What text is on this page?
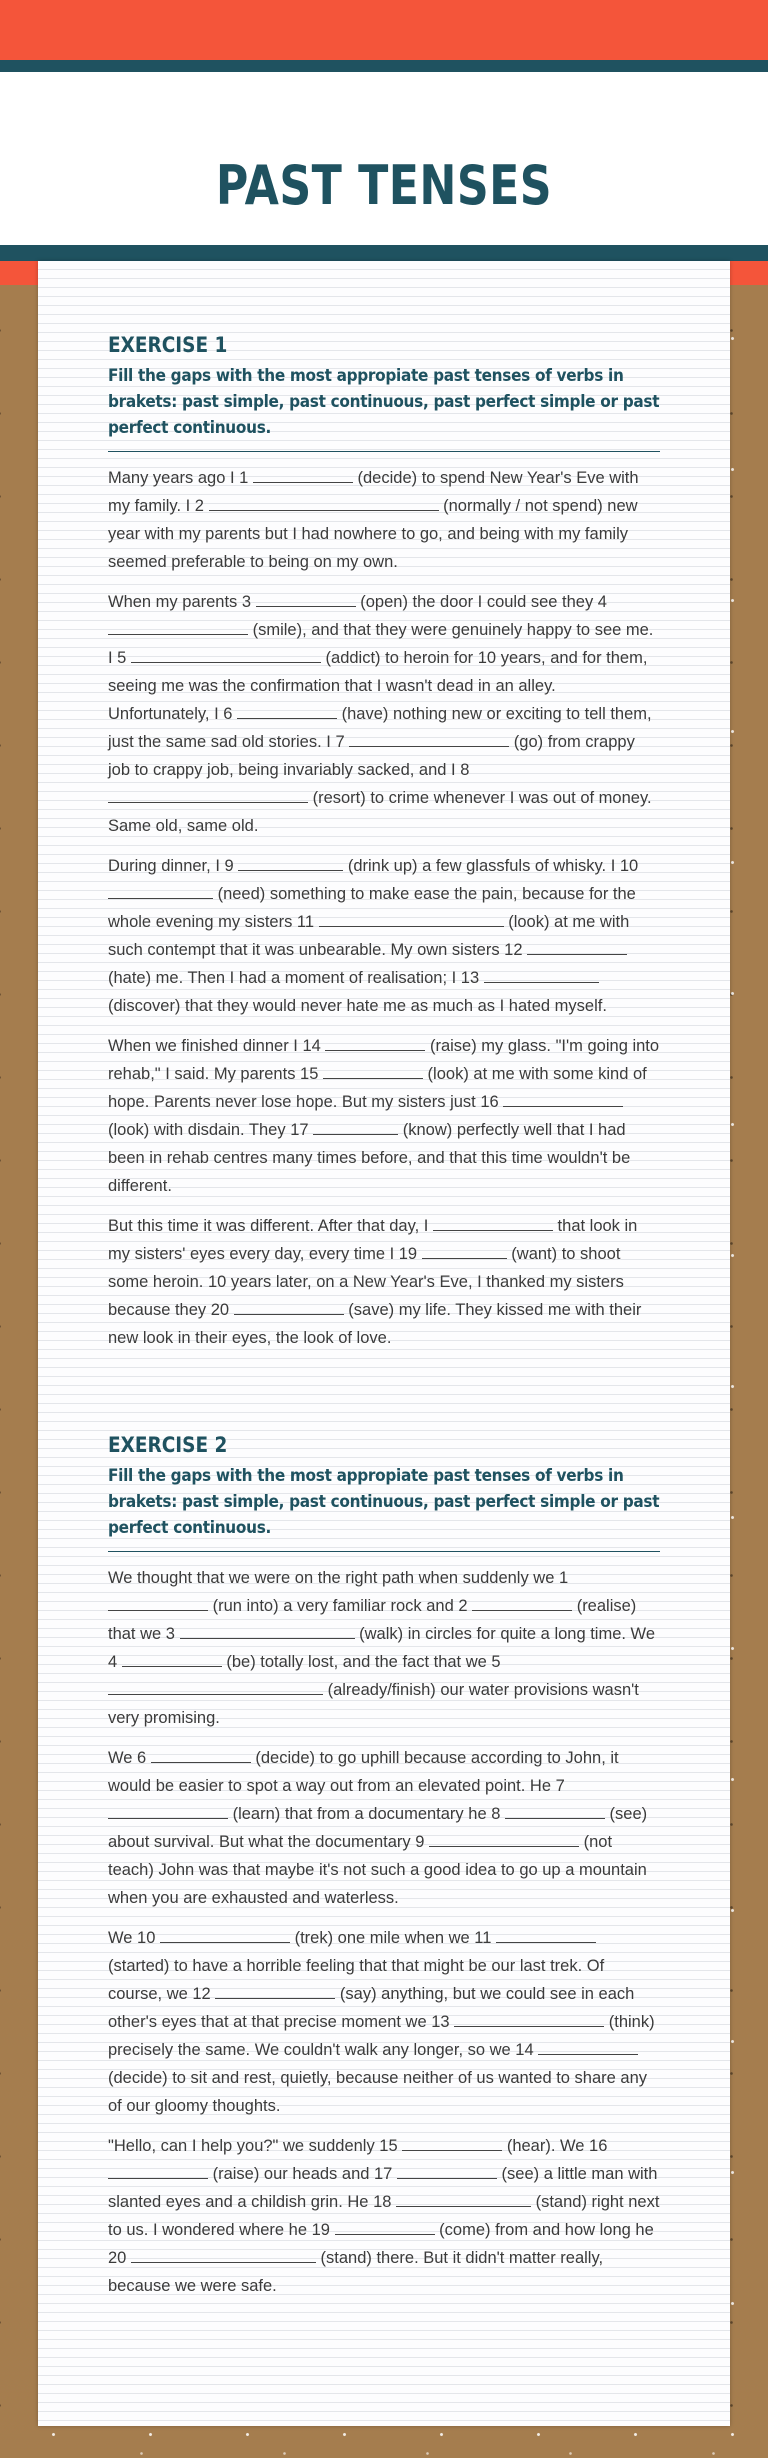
PAST TENSES
EXERCISE 1

Fill the gaps with the most appropiate past tenses of verbs in brakets: past simple, past continuous, past perfect simple or past perfect continuous.

Many years ago I 1	(decide) to spend New Year's Eve with my family. I 2	(normally / not spend) new year with my parents but I had nowhere to go, and being with my family seemed preferable to being on my own.

When my parents 3	(open) the door I could see they 4  (smile), and that they were genuinely happy to see me. I 5	(addict) to heroin for 10 years, and for them, seeing me was the confirmation that I wasn't dead in an alley. Unfortunately, I 6	(have) nothing new or exciting to tell them, just the same sad old stories. I 7	(go) from crappy job to crappy job, being invariably sacked, and I 8  (resort) to crime whenever I was out of money. Same old, same old.

During dinner, I 9	(drink up) a few glassfuls of whisky. I 10  (need) something to make ease the pain, because for the whole evening my sisters 11	(look) at me with such contempt that it was unbearable. My own sisters 12  (hate) me. Then I had a moment of realisation; I 13  (discover) that they would never hate me as much as I hated myself.

When we finished dinner I 14	(raise) my glass. "I'm going into rehab," I said. My parents 15	(look) at me with some kind of hope. Parents never lose hope. But my sisters just 16  (look) with disdain. They 17	(know) perfectly well that I had been in rehab centres many times before, and that this time wouldn't be different.

But this time it was different. After that day, I	that look in my sisters' eyes every day, every time I 19	(want) to shoot some heroin. 10 years later, on a New Year's Eve, I thanked my sisters because they 20	(save) my life. They kissed me with their new look in their eyes, the look of love.

EXERCISE 2

Fill the gaps with the most appropiate past tenses of verbs in brakets: past simple, past continuous, past perfect simple or past perfect continuous.

We thought that we were on the right path when suddenly we 1  (run into) a very familiar rock and 2	(realise) that we 3	(walk) in circles for quite a long time. We 4	(be) totally lost, and the fact that we 5  (already/finish) our water provisions wasn't very promising.

We 6	(decide) to go uphill because according to John, it would be easier to spot a way out from an elevated point. He 7  (learn) that from a documentary he 8	(see) about survival. But what the documentary 9	(not teach) John was that maybe it's not such a good idea to go up a mountain when you are exhausted and waterless.

We 10	(trek) one mile when we 11  (started) to have a horrible feeling that that might be our last trek. Of course, we 12	(say) anything, but we could see in each other's eyes that at that precise moment we 13	(think) precisely the same. We couldn't walk any longer, so we 14  (decide) to sit and rest, quietly, because neither of us wanted to share any of our gloomy thoughts.

"Hello, can I help you?" we suddenly 15	(hear). We 16  (raise) our heads and 17	(see) a little man with slanted eyes and a childish grin. He 18	(stand) right next to us. I wondered where he 19	(come) from and how long he 20	(stand) there. But it didn't matter really, because we were safe.
